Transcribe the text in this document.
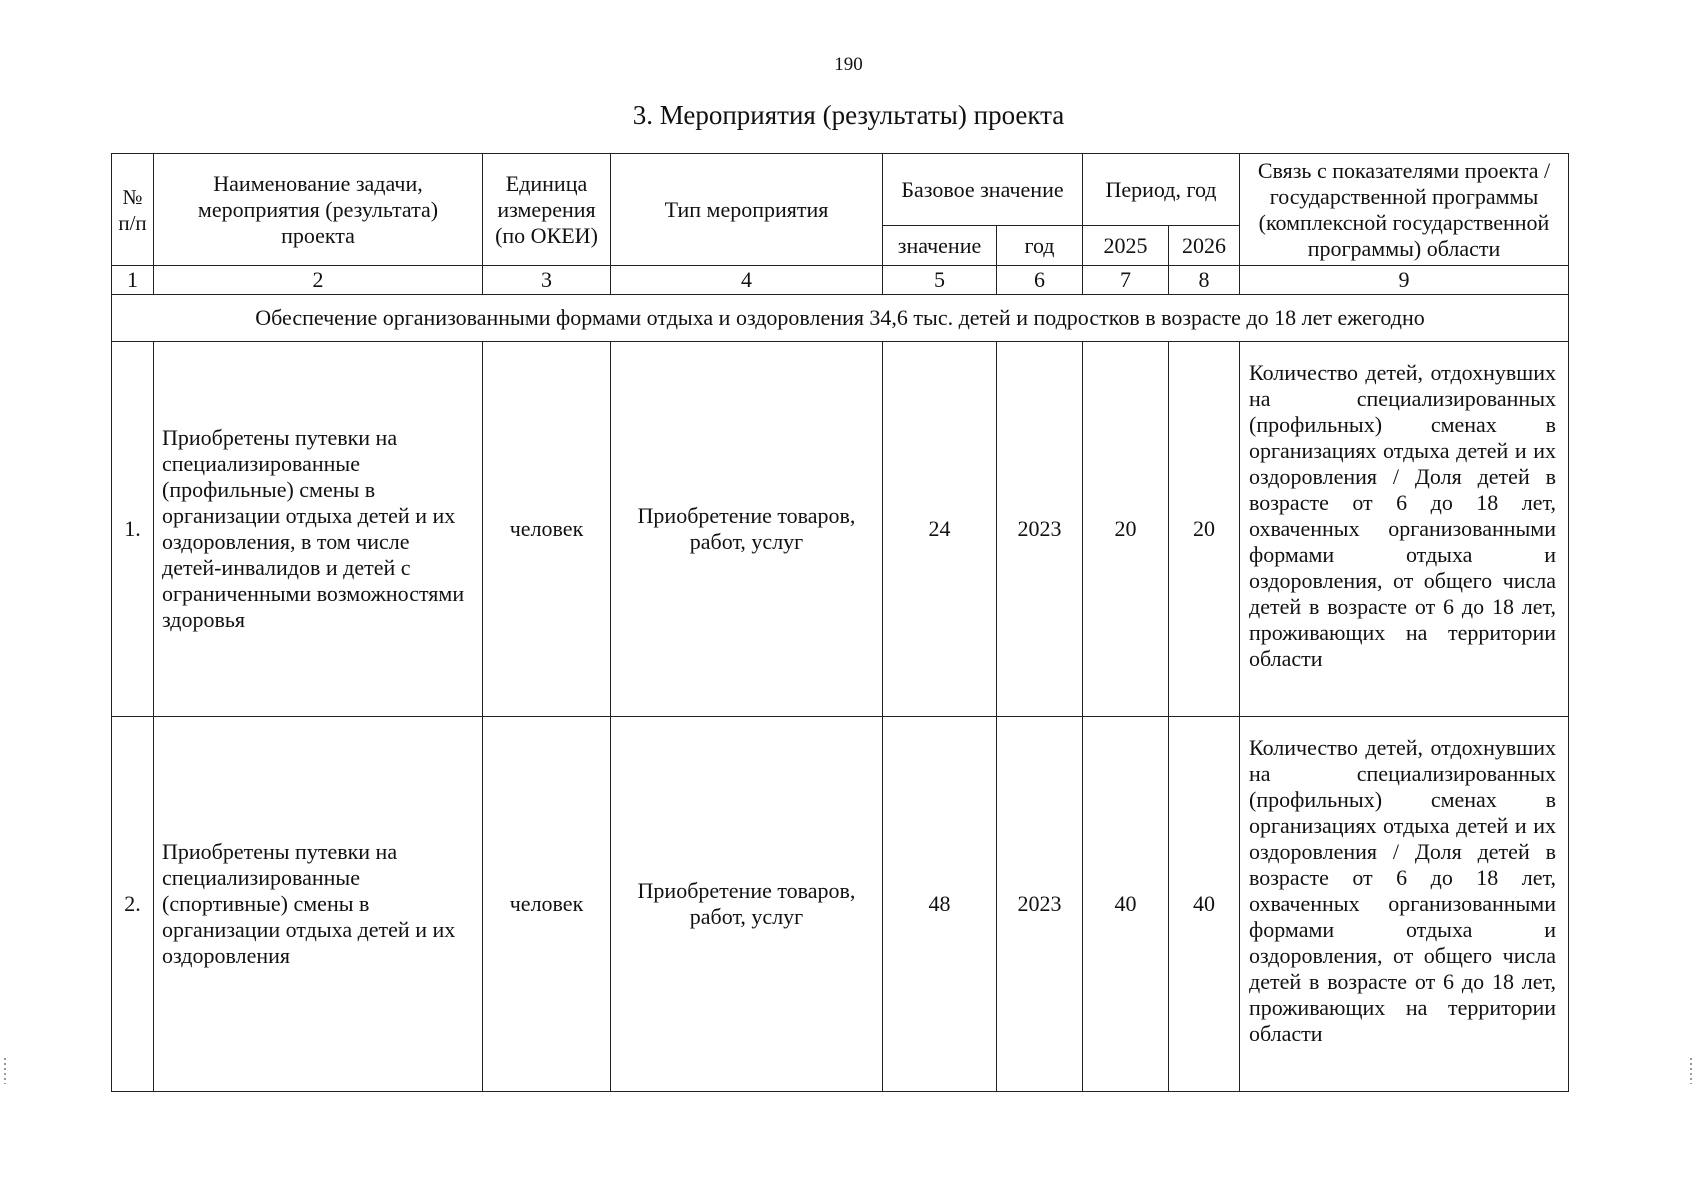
190
3. Мероприятия (результаты) проекта
№ п/п	Наименование задачи, мероприятия (результата) проекта	Единица измерения (по ОКЕИ)	Тип мероприятия	Базовое значение		Период, год		Связь с показателями проекта / государственной программы (комплексной государственной программы) области
				значение	год	2025	2026	
1	2	3	4	5	6	7	8	9
Обеспечение организованными формами отдыха и оздоровления 34,6 тыс. детей и подростков в возрасте до 18 лет ежегодно								
1.	Приобретены путевки на специализированные (профильные) смены в организации отдыха детей и их оздоровления, в том числе детей-инвалидов и детей с ограниченными возможностями здоровья	человек	Приобретение товаров, работ, услуг	24	2023	20	20	Количество детей, отдохнувших на специализированных (профильных) сменах в организациях отдыха детей и их оздоровления / Доля детей в возрасте от 6 до 18 лет, охваченных организованными формами отдыха и оздоровления, от общего числа детей в возрасте от 6 до 18 лет, проживающих на территории области
2.	Приобретены путевки на специализированные (спортивные) смены в организации отдыха детей и их оздоровления	человек	Приобретение товаров, работ, услуг	48	2023	40	40	Количество детей, отдохнувших на специализированных (профильных) сменах в организациях отдыха детей и их оздоровления / Доля детей в возрасте от 6 до 18 лет, охваченных организованными формами отдыха и оздоровления, от общего числа детей в возрасте от 6 до 18 лет, проживающих на территории области
